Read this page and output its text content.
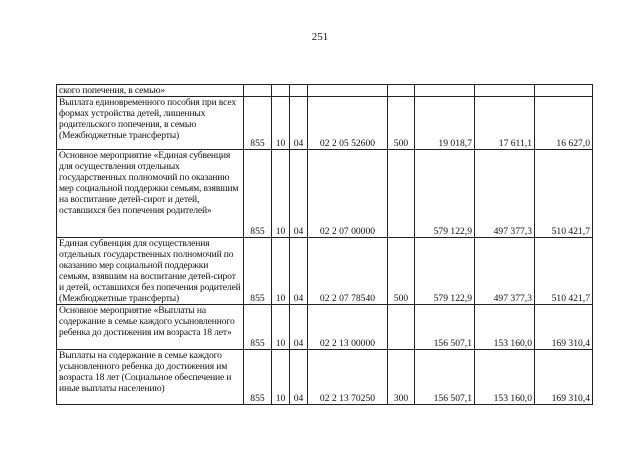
251
ского попечения, в семью»								
Выплата единовременного пособия при всех формах устройства детей, лишенных родительского попечения, в семью (Межбюджетные трансферты)	855	10	04	02 2 05 52600	500	19 018,7	17 611,1	16 627,0
Основное мероприятие «Единая субвенция для осуществления отдельных государственных полномочий по оказанию мер социальной поддержки семьям, взявшим на воспитание детей-сирот и детей, оставшихся без попечения родителей»	855	10	04	02 2 07 00000		579 122,9	497 377,3	510 421,7
Единая субвенция для осуществления отдельных государственных полномочий по оказанию мер социальной поддержки семьям, взявшим на воспитание детей-сирот и детей, оставшихся без попечения родителей (Межбюджетные трансферты)	855	10	04	02 2 07 78540	500	579 122,9	497 377,3	510 421,7
Основное мероприятие «Выплаты на содержание в семье каждого усыновленного ребенка до достижения им возраста 18 лет»	855	10	04	02 2 13 00000		156 507,1	153 160,0	169 310,4
Выплаты на содержание в семье каждого усыновленного ребенка до достижения им возраста 18 лет (Социальное обеспечение и иные выплаты населению)	855	10	04	02 2 13 70250	300	156 507,1	153 160,0	169 310,4
